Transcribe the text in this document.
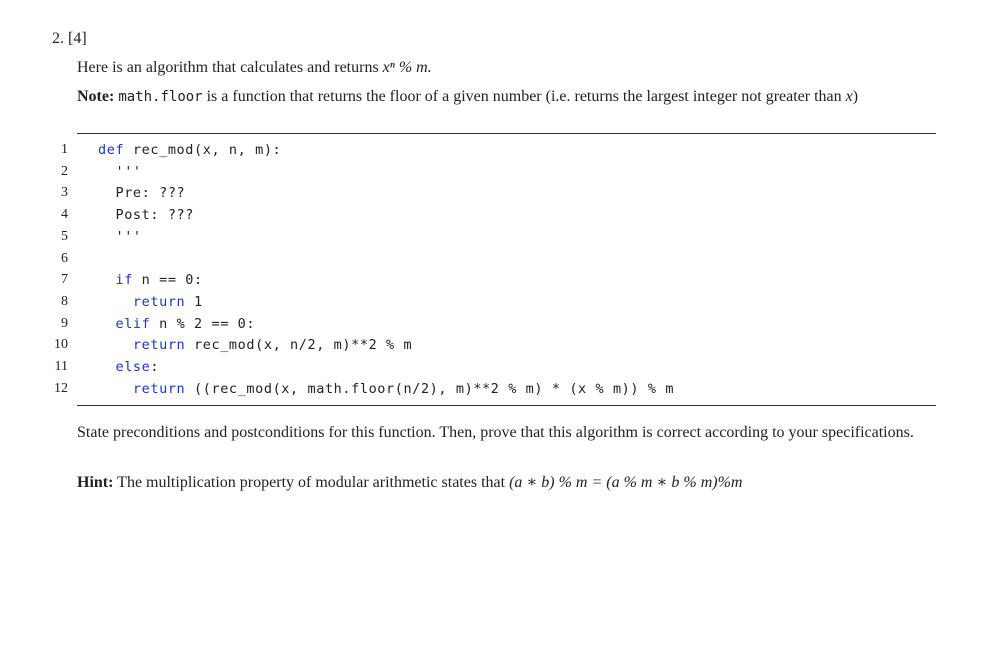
2. [4]
Here is an algorithm that calculates and returns xⁿ % m.
Note: math.floor is a function that returns the floor of a given number (i.e. returns the largest integer not greater than x)
1 def rec_mod(x, n, m):
2	'''
3	Pre: ???
4	Post: ???
5	'''
6
7	if n == 0:
8	return 1
9	elif n % 2 == 0:
10	return rec_mod(x, n/2, m)**2 % m
11	else:
12	return ((rec_mod(x, math.floor(n/2), m)**2 % m) * (x % m)) % m
State preconditions and postconditions for this function. Then, prove that this algorithm is correct according to your specifications.
Hint: The multiplication property of modular arithmetic states that (a ∗ b) % m = (a % m ∗ b % m)%m
